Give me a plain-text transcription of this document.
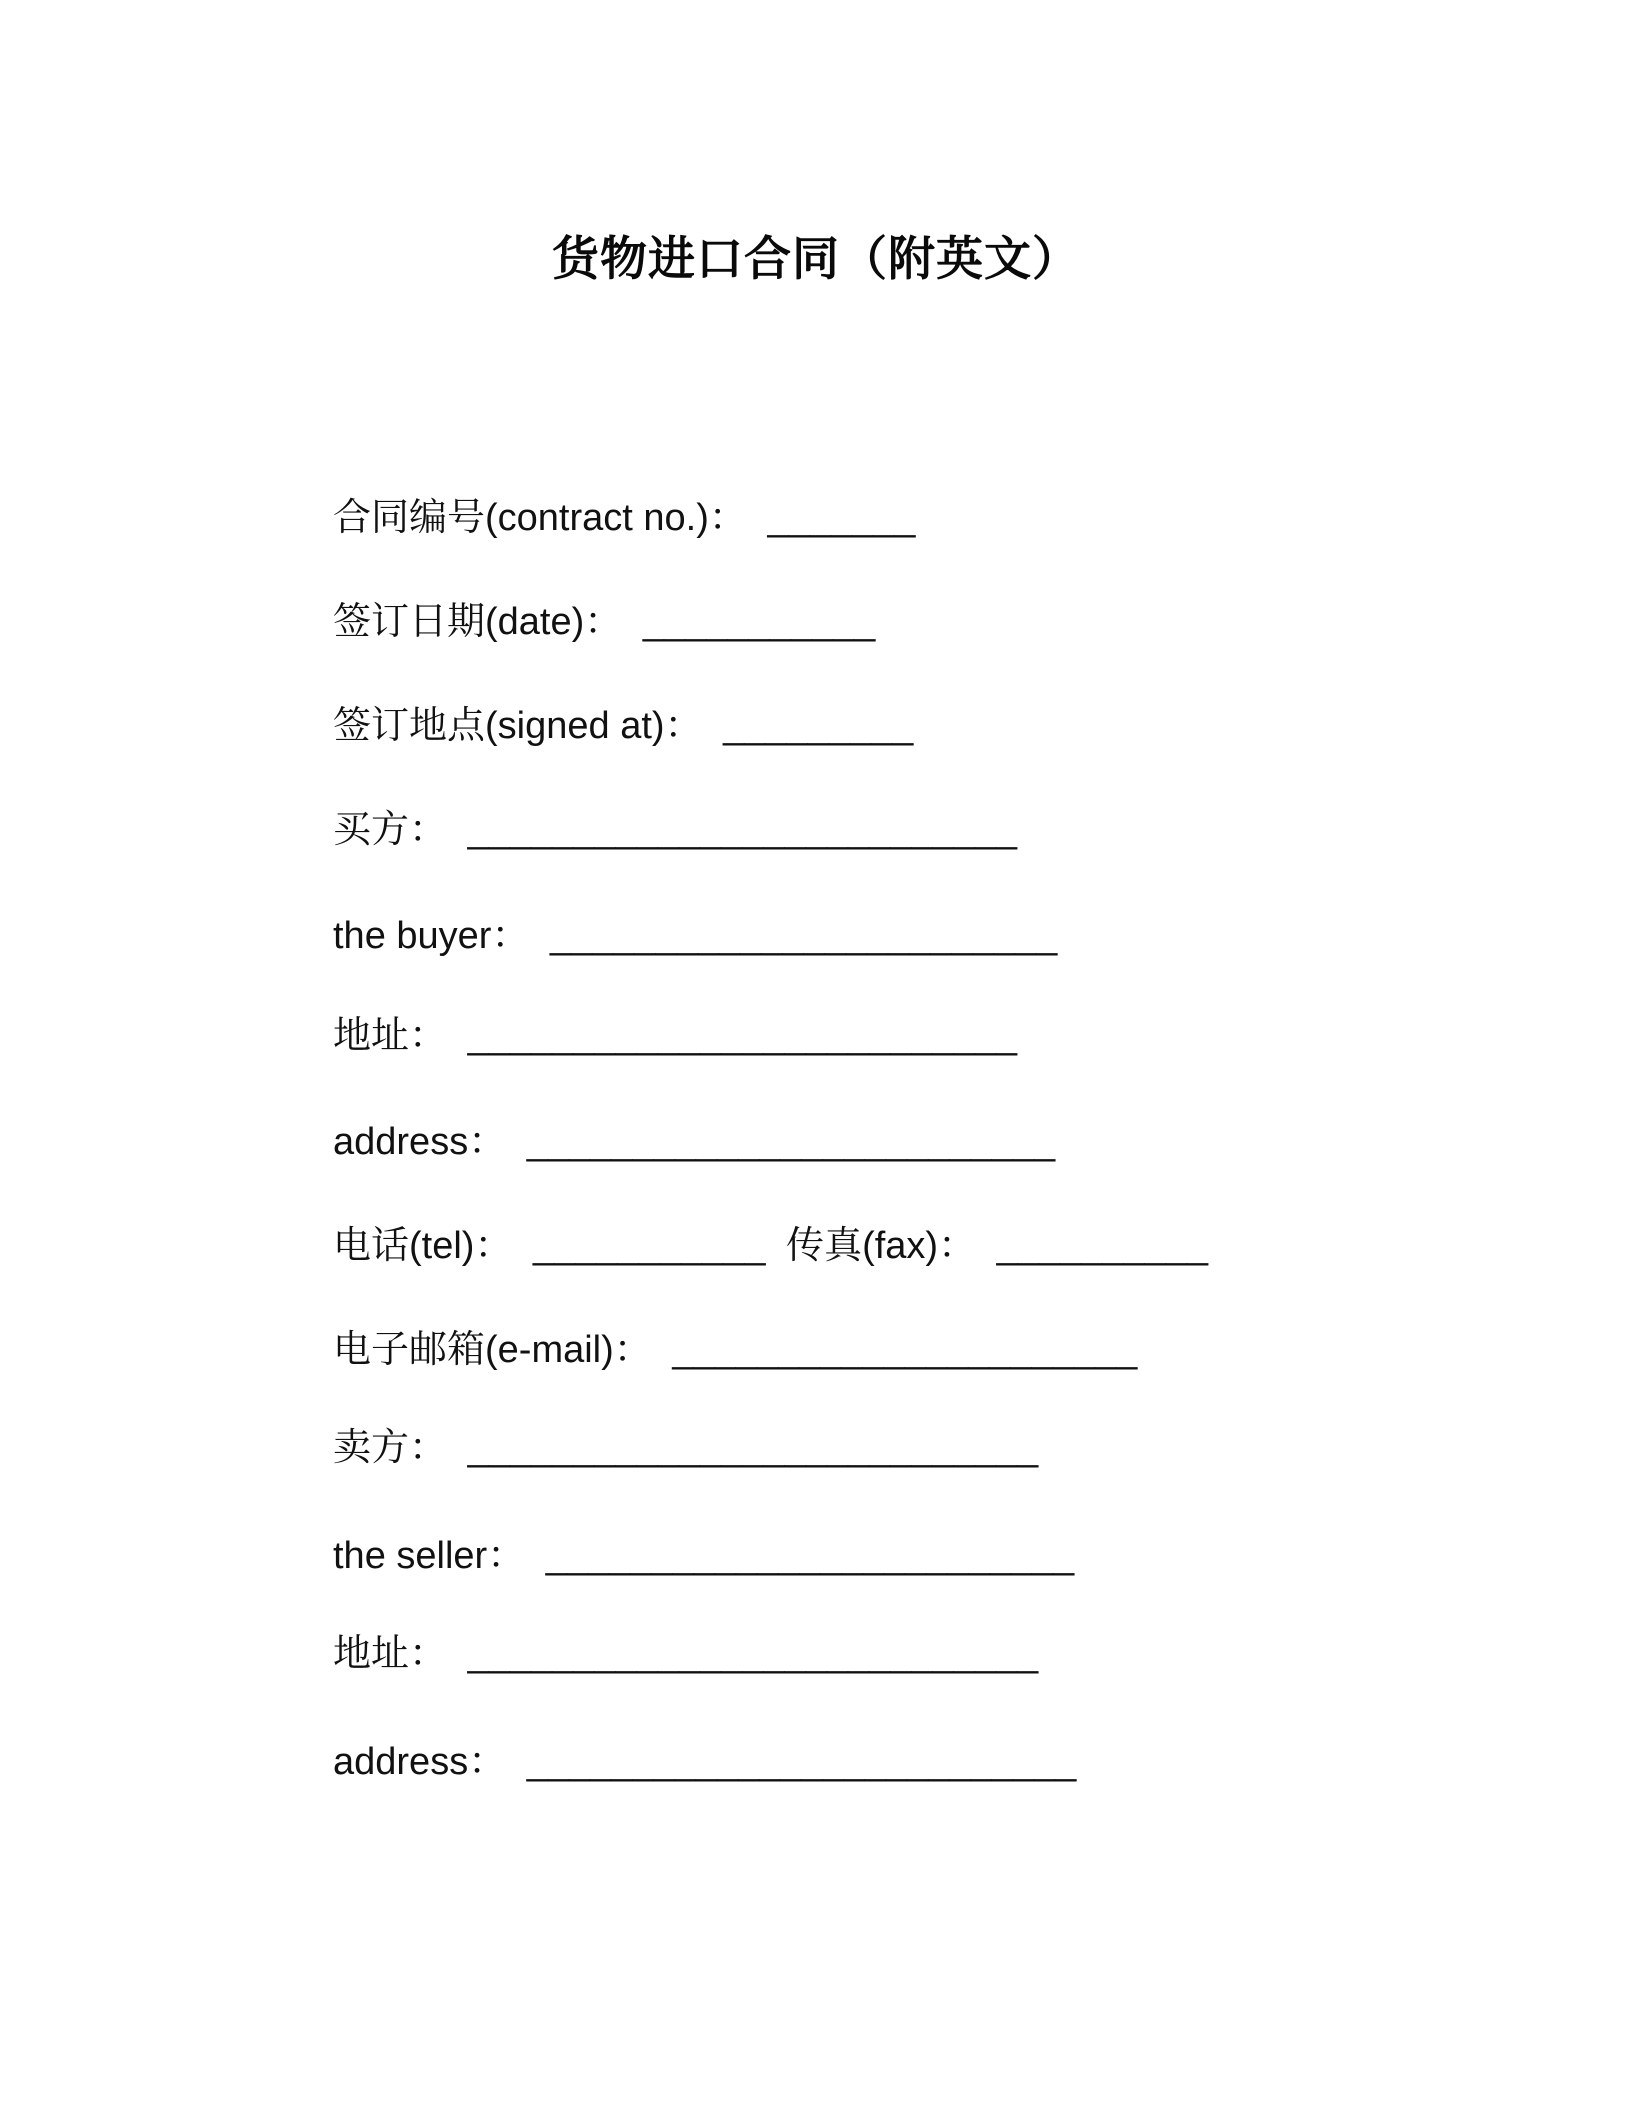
货物进口合同（附英文）
合同编号(contract no.)： _______
签订日期(date)： ___________
签订地点(signed at)： _________
买方： __________________________
the buyer： ________________________
地址： __________________________
address： _________________________
电话(tel)： ___________ 传真(fax)： __________
电子邮箱(e-mail)： ______________________
卖方： ___________________________
the seller： _________________________
地址： ___________________________
address： __________________________
